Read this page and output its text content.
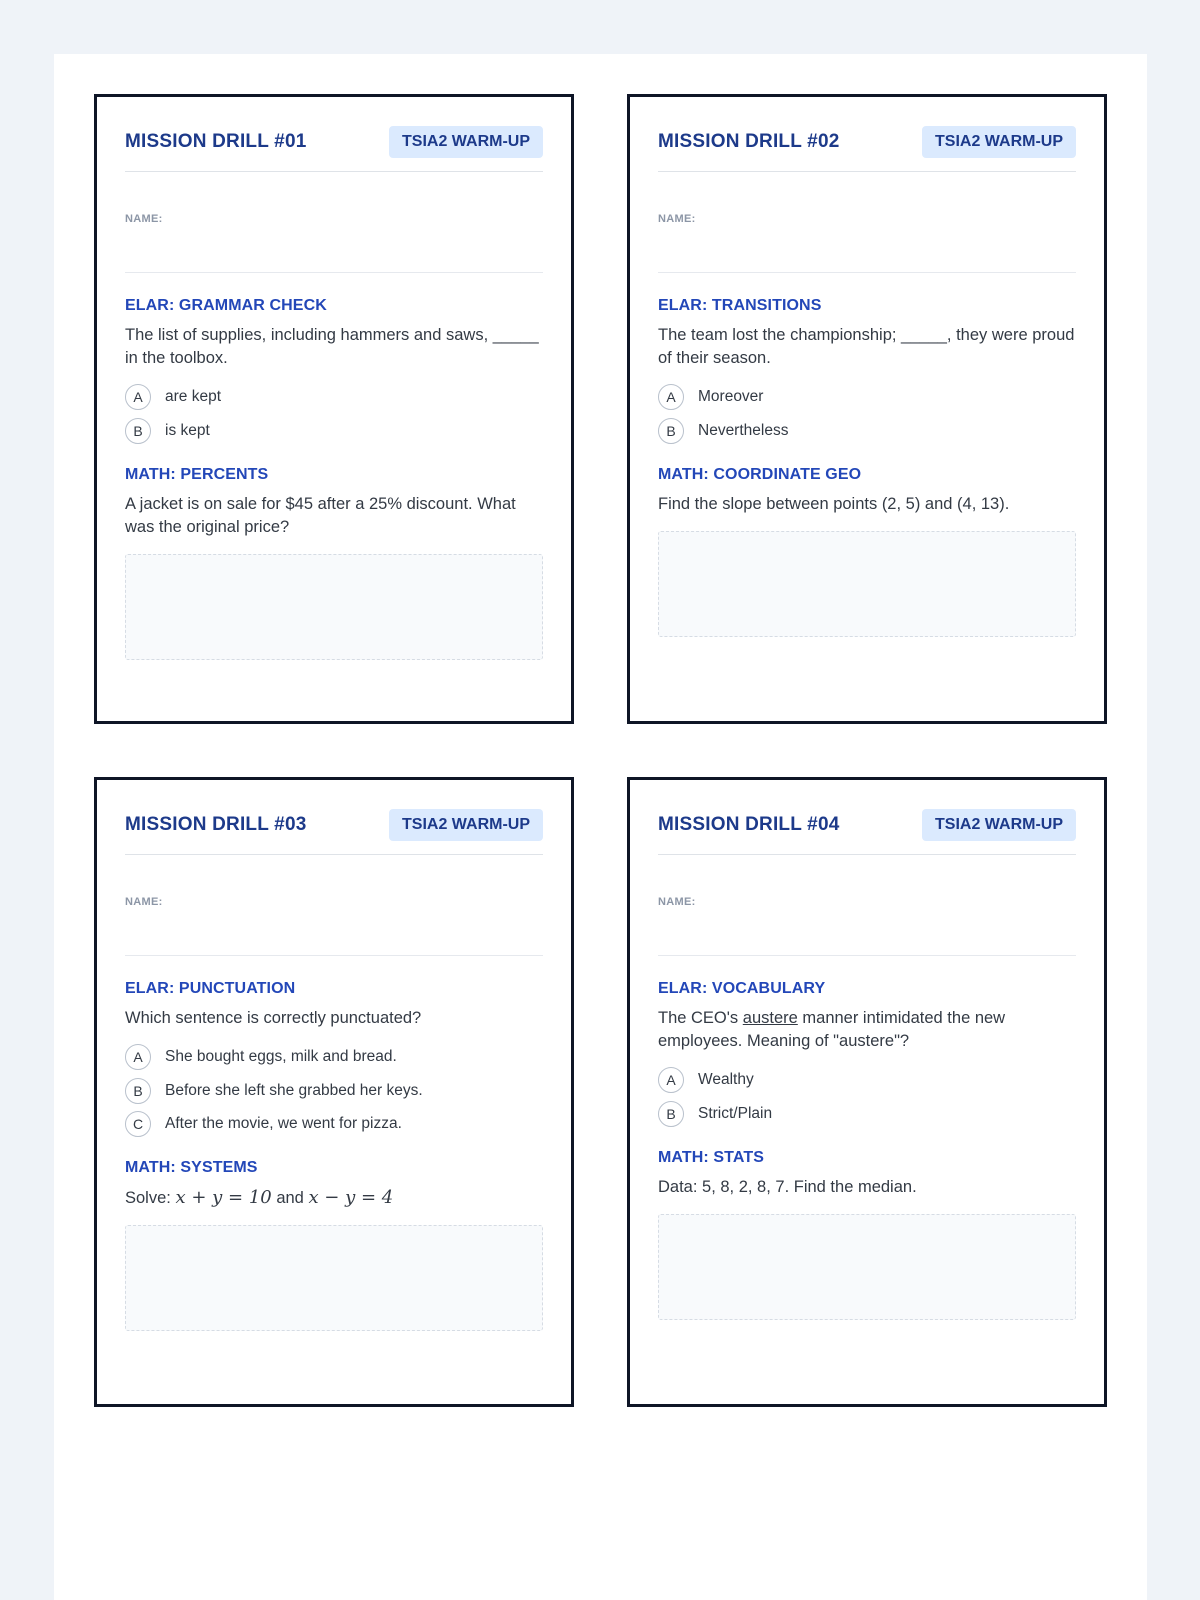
MISSION DRILL #01	TSIA2 WARM-UP
NAME:
ELAR: GRAMMAR CHECK
The list of supplies, including hammers and saws, _____ in the toolbox.
A	are kept
B	is kept
MATH: PERCENTS
A jacket is on sale for $45 after a 25% discount. What was the original price?
MISSION DRILL #02	TSIA2 WARM-UP
NAME:
ELAR: TRANSITIONS
The team lost the championship; _____, they were proud of their season.
A	Moreover
B	Nevertheless
MATH: COORDINATE GEO
Find the slope between points (2, 5) and (4, 13).
MISSION DRILL #03	TSIA2 WARM-UP
NAME:
ELAR: PUNCTUATION
Which sentence is correctly punctuated?
A	She bought eggs, milk and bread.
B	Before she left she grabbed her keys.
C	After the movie, we went for pizza.
MATH: SYSTEMS
Solve: x + y = 10 and x − y = 4
MISSION DRILL #04	TSIA2 WARM-UP
NAME:
ELAR: VOCABULARY
The CEO's austere manner intimidated the new employees. Meaning of "austere"?
A	Wealthy
B	Strict/Plain
MATH: STATS
Data: 5, 8, 2, 8, 7. Find the median.
